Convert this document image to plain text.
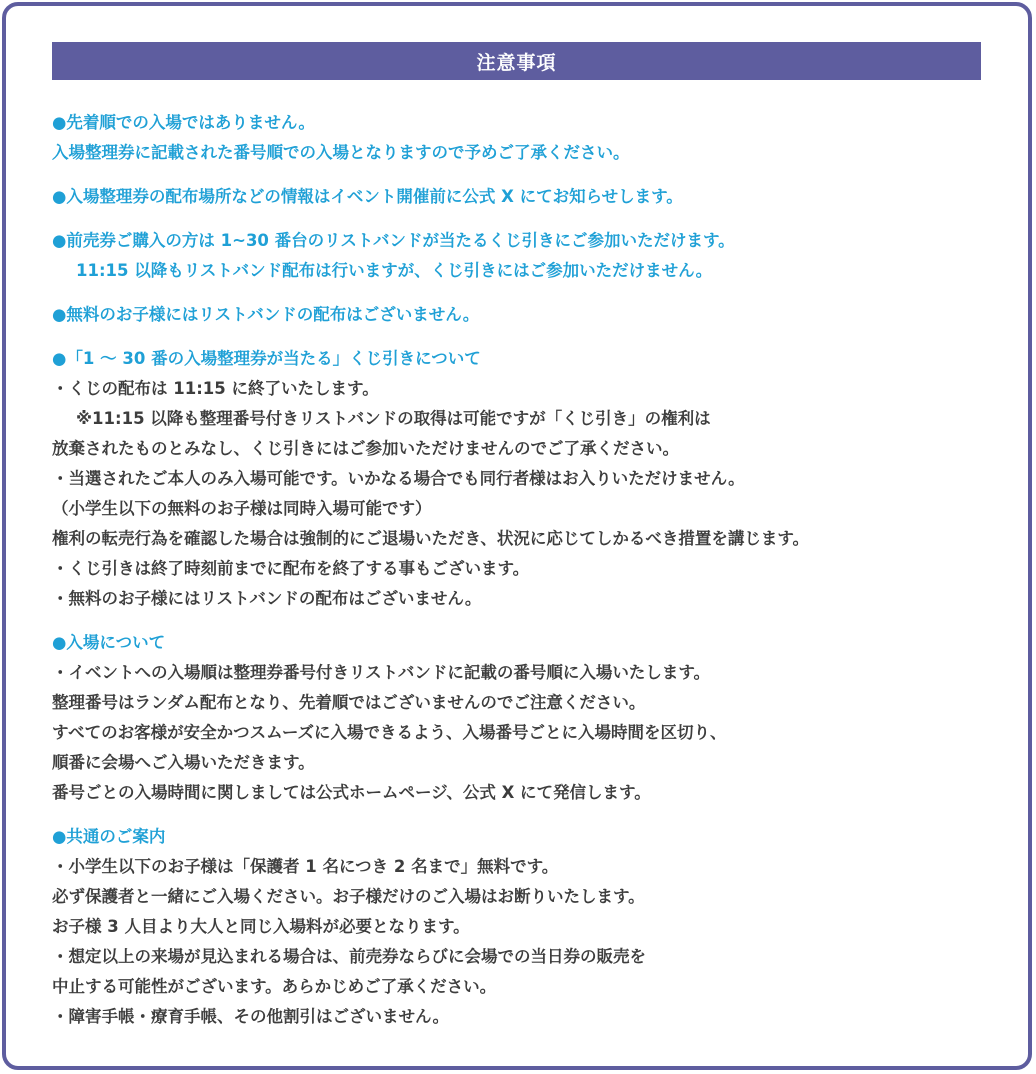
注意事項
●先着順での入場ではありません。
入場整理券に記載された番号順での入場となりますので予めご了承ください。
●入場整理券の配布場所などの情報はイベント開催前に公式 X にてお知らせします。
●前売券ご購入の方は 1~30 番台のリストバンドが当たるくじ引きにご参加いただけます。
11:15 以降もリストバンド配布は行いますが、くじ引きにはご参加いただけません。
●無料のお子様にはリストバンドの配布はございません。
●「1 ～ 30 番の入場整理券が当たる」くじ引きについて
・くじの配布は 11:15 に終了いたします。
※11:15 以降も整理番号付きリストバンドの取得は可能ですが「くじ引き」の権利は
放棄されたものとみなし、くじ引きにはご参加いただけませんのでご了承ください。
・当選されたご本人のみ入場可能です。いかなる場合でも同行者様はお入りいただけません。
（小学生以下の無料のお子様は同時入場可能です）
権利の転売行為を確認した場合は強制的にご退場いただき、状況に応じてしかるべき措置を講じます。
・くじ引きは終了時刻前までに配布を終了する事もございます。
・無料のお子様にはリストバンドの配布はございません。
●入場について
・イベントへの入場順は整理券番号付きリストバンドに記載の番号順に入場いたします。
整理番号はランダム配布となり、先着順ではございませんのでご注意ください。
すべてのお客様が安全かつスムーズに入場できるよう、入場番号ごとに入場時間を区切り、
順番に会場へご入場いただきます。
番号ごとの入場時間に関しましては公式ホームページ、公式 X にて発信します。
●共通のご案内
・小学生以下のお子様は「保護者 1 名につき 2 名まで」無料です。
必ず保護者と一緒にご入場ください。お子様だけのご入場はお断りいたします。
お子様 3 人目より大人と同じ入場料が必要となります。
・想定以上の来場が見込まれる場合は、前売券ならびに会場での当日券の販売を
中止する可能性がございます。あらかじめご了承ください。
・障害手帳・療育手帳、その他割引はございません。
